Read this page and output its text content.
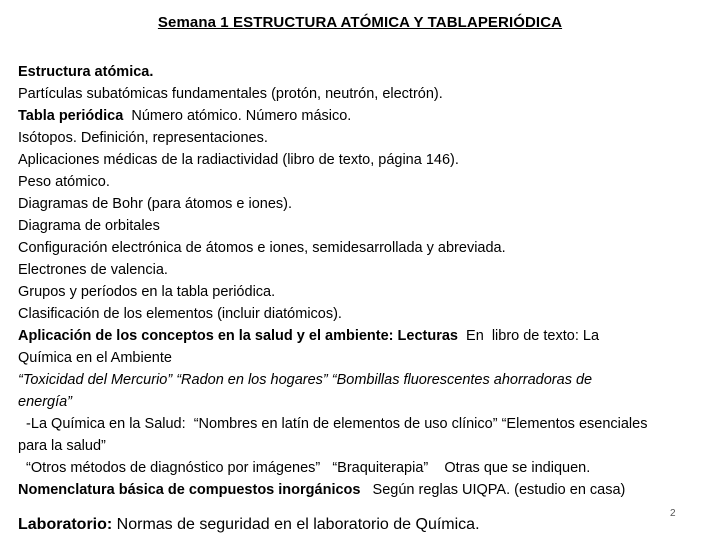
Semana 1 ESTRUCTURA ATÓMICA Y TABLAPERIÓDICA
Estructura atómica.
Partículas subatómicas fundamentales (protón, neutrón, electrón).
Tabla periódica  Número atómico. Número másico.
Isótopos. Definición, representaciones.
Aplicaciones médicas de la radiactividad (libro de texto, página 146).
Peso atómico.
Diagramas de Bohr (para átomos e iones).
Diagrama de orbitales
Configuración electrónica de átomos e iones, semidesarrollada y abreviada.
Electrones de valencia.
Grupos y períodos en la tabla periódica.
Clasificación de los elementos (incluir diatómicos).
Aplicación de los conceptos en la salud y el ambiente: Lecturas  En  libro de texto: La
Química en el Ambiente
“Toxicidad del Mercurio” “Radon en los hogares” “Bombillas fluorescentes ahorradoras de
energía”
-La Química en la Salud:  “Nombres en latín de elementos de uso clínico” “Elementos esenciales
para la salud”
“Otros métodos de diagnóstico por imágenes”   “Braquiterapia”    Otras que se indiquen.
Nomenclatura básica de compuestos inorgánicos   Según reglas UIQPA. (estudio en casa)
Laboratorio: Normas de seguridad en el laboratorio de Química.
2
